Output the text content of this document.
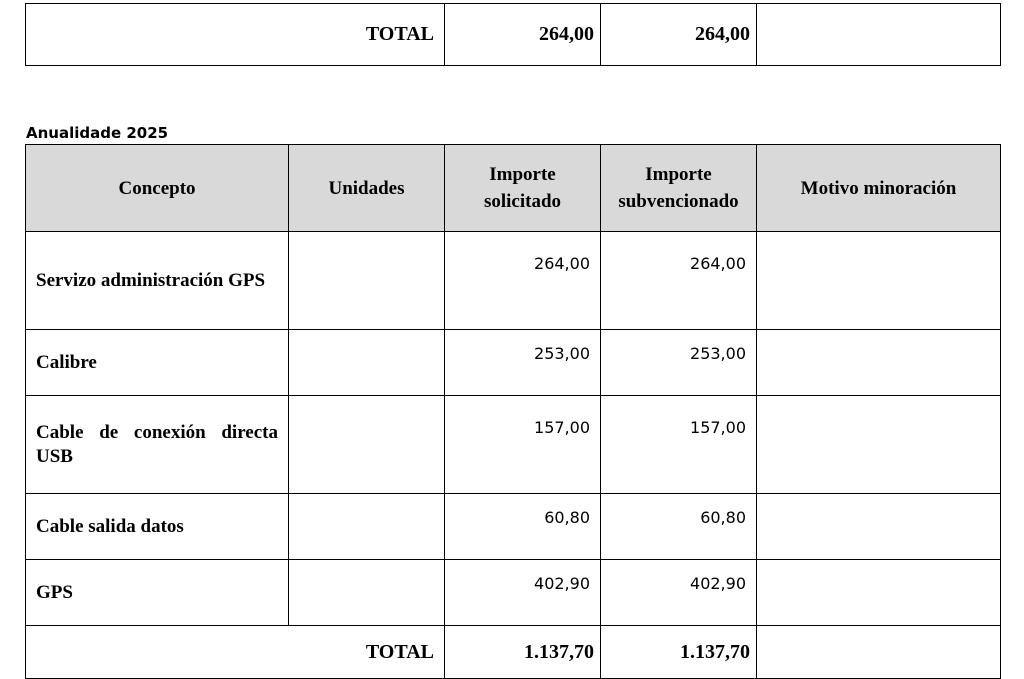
TOTAL	264,00	264,00	
Anualidade 2025
Concepto	Unidades	Importe solicitado	Importe subvencionado	Motivo minoración
Servizo administración GPS		264,00	264,00	
Calibre		253,00	253,00	
Cable de conexión directa USB		157,00	157,00	
Cable salida datos		60,80	60,80	
GPS		402,90	402,90	
TOTAL		1.137,70	1.137,70	
